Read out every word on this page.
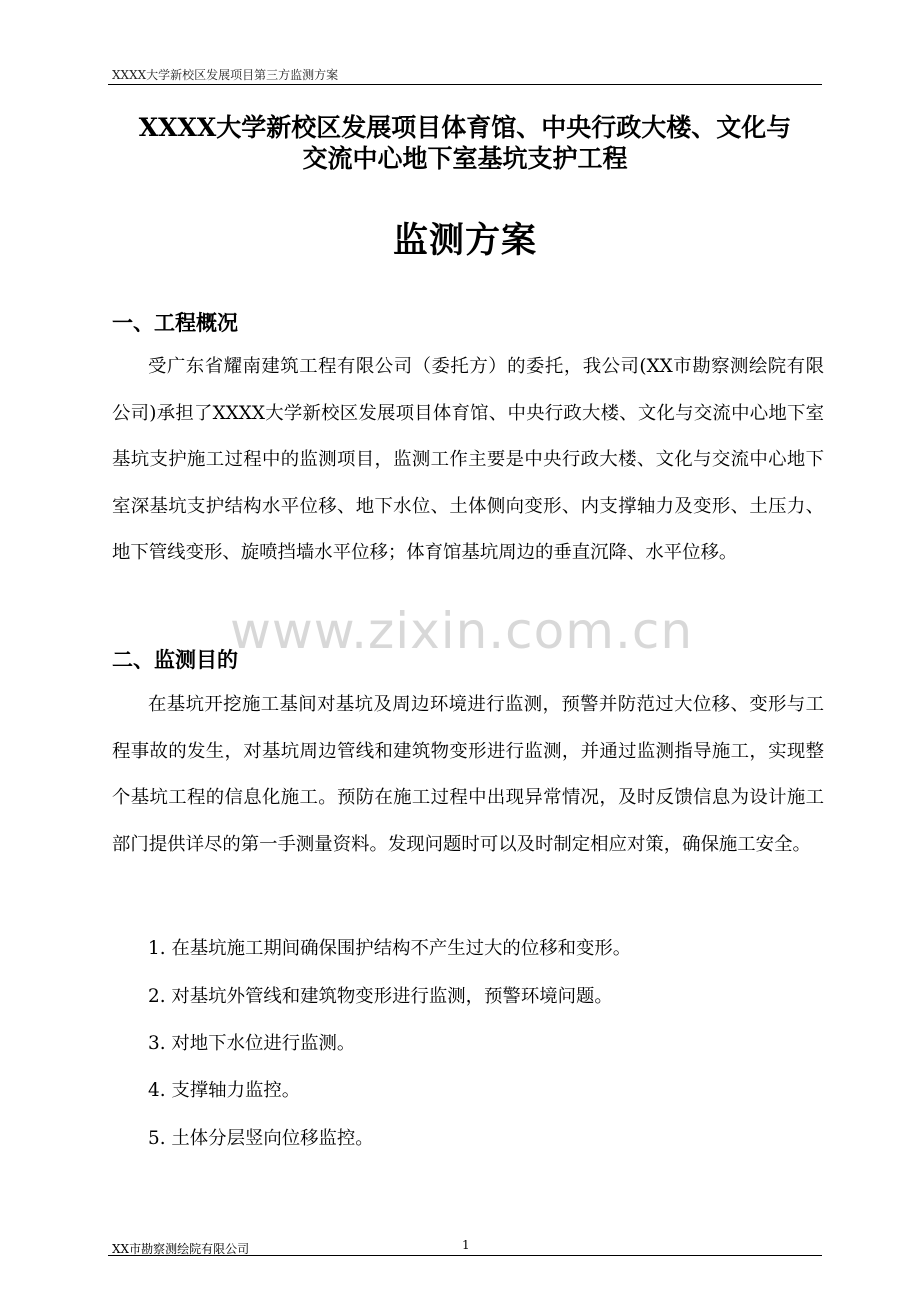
XXXX大学新校区发展项目第三方监测方案
XXXX大学新校区发展项目体育馆、中央行政大楼、文化与
交流中心地下室基坑支护工程
监测方案
一、工程概况

受广东省耀南建筑工程有限公司（委托方）的委托，我公司(XX市勘察测绘院有限公司)承担了XXXX大学新校区发展项目体育馆、中央行政大楼、文化与交流中心地下室基坑支护施工过程中的监测项目，监测工作主要是中央行政大楼、文化与交流中心地下室深基坑支护结构水平位移、地下水位、土体侧向变形、内支撑轴力及变形、土压力、地下管线变形、旋喷挡墙水平位移；体育馆基坑周边的垂直沉降、水平位移。

www.zixin.com.cn
二、监测目的

在基坑开挖施工基间对基坑及周边环境进行监测，预警并防范过大位移、变形与工程事故的发生，对基坑周边管线和建筑物变形进行监测，并通过监测指导施工，实现整个基坑工程的信息化施工。预防在施工过程中出现异常情况，及时反馈信息为设计施工部门提供详尽的第一手测量资料。发现问题时可以及时制定相应对策，确保施工安全。

1. 在基坑施工期间确保围护结构不产生过大的位移和变形。
2. 对基坑外管线和建筑物变形进行监测，预警环境问题。
3. 对地下水位进行监测。
4. 支撑轴力监控。
5. 土体分层竖向位移监控。
XX市勘察测绘院有限公司	1
